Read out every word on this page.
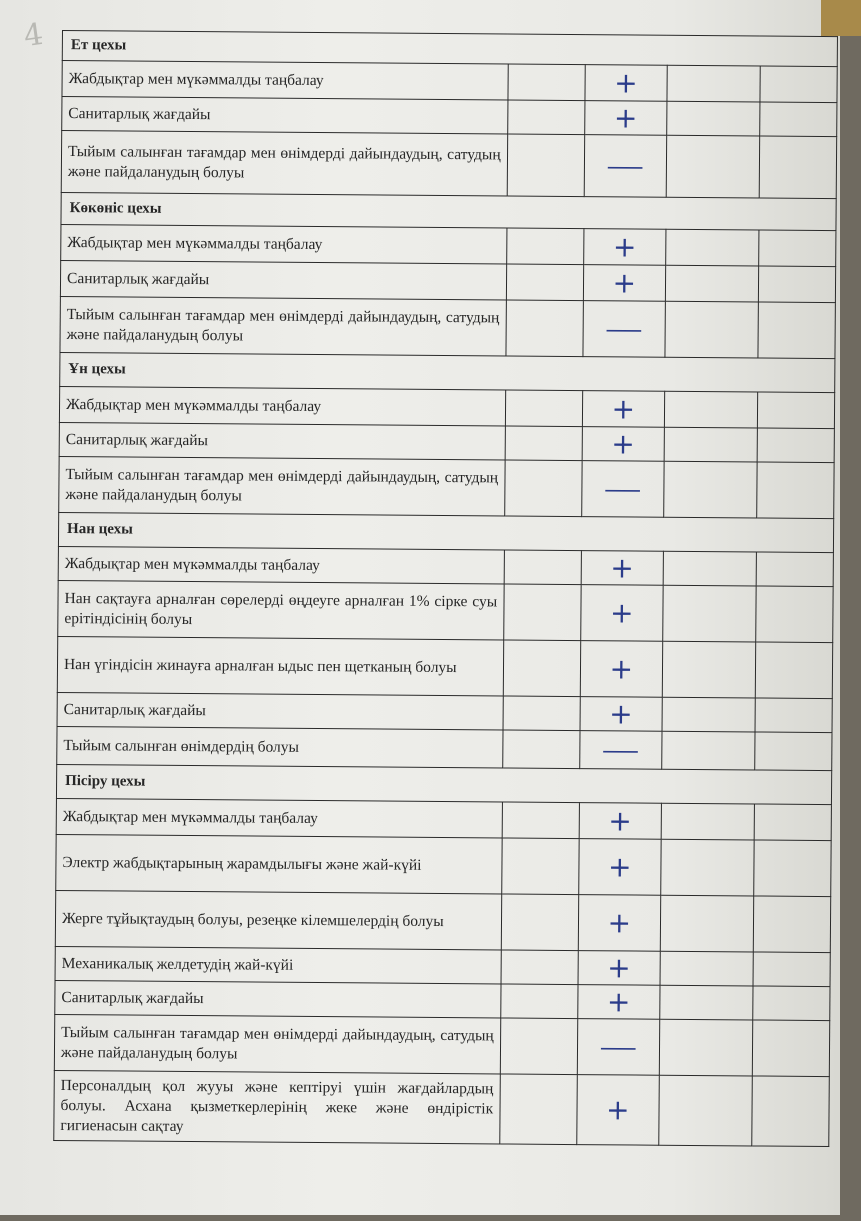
4 Ет цехы				
Жабдықтар мен мүкәммалды таңбалау		+		

Санитарлық жағдайы		+		

Тыйым салынған тағамдар мен өнімдерді дайындаудың, сатудың және пайдаланудың болуы		—		

Көкөніс цехы				
Жабдықтар мен мүкәммалды таңбалау		+		

Санитарлық жағдайы		+		

Тыйым салынған тағамдар мен өнімдерді дайындаудың, сатудың және пайдаланудың болуы		—		

Ұн цехы				
Жабдықтар мен мүкәммалды таңбалау		+		

Санитарлық жағдайы		+		

Тыйым салынған тағамдар мен өнімдерді дайындаудың, сатудың және пайдаланудың болуы		—		

Нан цехы				
Жабдықтар мен мүкәммалды таңбалау		+		

Нан сақтауға арналған сөрелерді өңдеуге арналған 1% сірке суы ерітіндісінің болуы		+		

Нан үгіндісін жинауға арналған ыдыс пен щетканың болуы		+		

Санитарлық жағдайы		+		

Тыйым салынған өнімдердің болуы		—		

Пісіру цехы				
Жабдықтар мен мүкәммалды таңбалау		+		

Электр жабдықтарының жарамдылығы және жай-күйі		+		

Жерге тұйықтаудың болуы, резеңке кілемшелердің болуы		+		

Механикалық желдетудің жай-күйі		+		

Санитарлық жағдайы		+		

Тыйым салынған тағамдар мен өнімдерді дайындаудың, сатудың және пайдаланудың болуы		—		

Персоналдың қол жууы және кептіруі үшін жағдайлардың болуы. Асхана қызметкерлерінің жеке және өндірістік гигиенасын сақтау		+		
